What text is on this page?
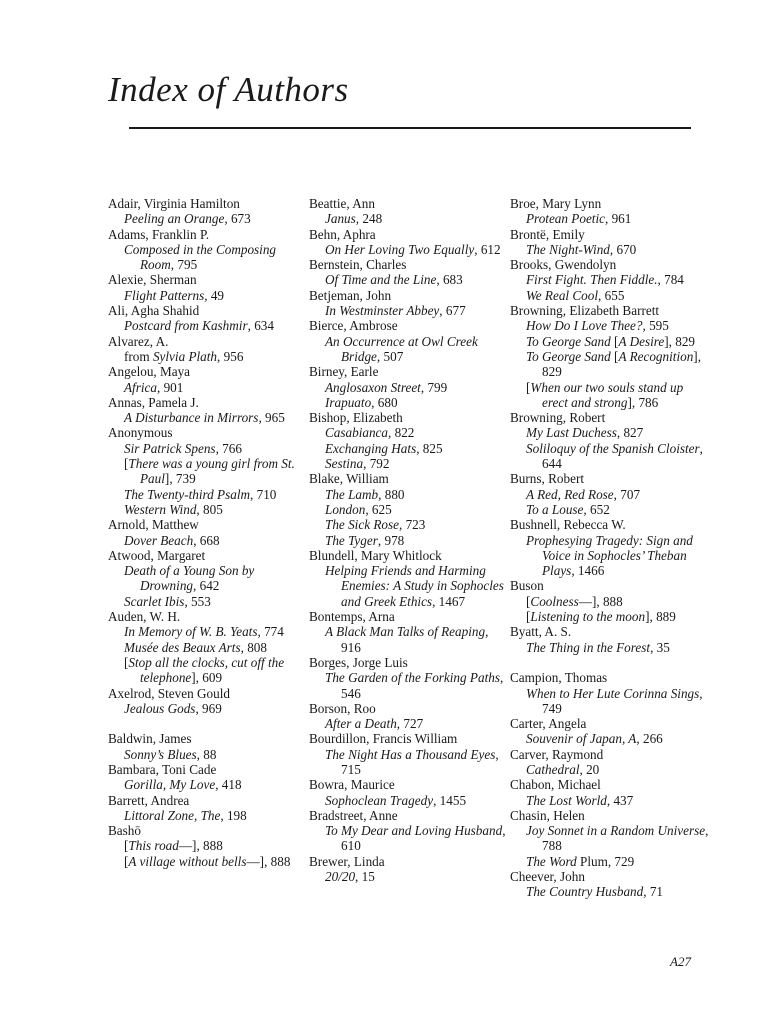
Index of Authors
Adair, Virginia Hamilton
Peeling an Orange, 673
Adams, Franklin P.
Composed in the Composing Room, 795
Alexie, Sherman
Flight Patterns, 49
Ali, Agha Shahid
Postcard from Kashmir, 634
Alvarez, A.
from Sylvia Plath, 956
Angelou, Maya
Africa, 901
Annas, Pamela J.
A Disturbance in Mirrors, 965
Anonymous
Sir Patrick Spens, 766
[There was a young girl from St. Paul], 739
The Twenty-third Psalm, 710
Western Wind, 805
Arnold, Matthew
Dover Beach, 668
Atwood, Margaret
Death of a Young Son by Drowning, 642
Scarlet Ibis, 553
Auden, W. H.
In Memory of W. B. Yeats, 774
Musée des Beaux Arts, 808
[Stop all the clocks, cut off the telephone], 609
Axelrod, Steven Gould
Jealous Gods, 969
Baldwin, James
Sonny’s Blues, 88
Bambara, Toni Cade
Gorilla, My Love, 418
Barrett, Andrea
Littoral Zone, The, 198
Bashō
[This road—], 888
[A village without bells—], 888
Beattie, Ann
Janus, 248
Behn, Aphra
On Her Loving Two Equally, 612
Bernstein, Charles
Of Time and the Line, 683
Betjeman, John
In Westminster Abbey, 677
Bierce, Ambrose
An Occurrence at Owl Creek Bridge, 507
Birney, Earle
Anglosaxon Street, 799
Irapuato, 680
Bishop, Elizabeth
Casabianca, 822
Exchanging Hats, 825
Sestina, 792
Blake, William
The Lamb, 880
London, 625
The Sick Rose, 723
The Tyger, 978
Blundell, Mary Whitlock
Helping Friends and Harming Enemies: A Study in Sophocles and Greek Ethics, 1467
Bontemps, Arna
A Black Man Talks of Reaping, 916
Borges, Jorge Luis
The Garden of the Forking Paths, 546
Borson, Roo
After a Death, 727
Bourdillon, Francis William
The Night Has a Thousand Eyes, 715
Bowra, Maurice
Sophoclean Tragedy, 1455
Bradstreet, Anne
To My Dear and Loving Husband, 610
Brewer, Linda
20/20, 15
Broe, Mary Lynn
Protean Poetic, 961
Brontë, Emily
The Night-Wind, 670
Brooks, Gwendolyn
First Fight. Then Fiddle., 784
We Real Cool, 655
Browning, Elizabeth Barrett
How Do I Love Thee?, 595
To George Sand [A Desire], 829
To George Sand [A Recognition], 829
[When our two souls stand up erect and strong], 786
Browning, Robert
My Last Duchess, 827
Soliloquy of the Spanish Cloister, 644
Burns, Robert
A Red, Red Rose, 707
To a Louse, 652
Bushnell, Rebecca W.
Prophesying Tragedy: Sign and Voice in Sophocles’ Theban Plays, 1466
Buson
[Coolness—], 888
[Listening to the moon], 889
Byatt, A. S.
The Thing in the Forest, 35
Campion, Thomas
When to Her Lute Corinna Sings, 749
Carter, Angela
Souvenir of Japan, A, 266
Carver, Raymond
Cathedral, 20
Chabon, Michael
The Lost World, 437
Chasin, Helen
Joy Sonnet in a Random Universe, 788
The Word Plum, 729
Cheever, John
The Country Husband, 71
A27
